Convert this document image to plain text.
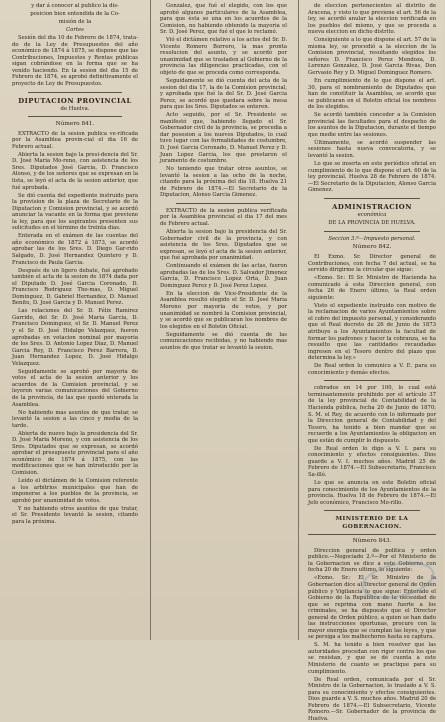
y dar á conocer al publico la dis-

posicion bien entendida de la Co-

misión de la

Cortes

Sesión del dia 10 de Febrero de 1874, trata-do de la Ley de Presupuestos del año económico de 1874 á 1875, se dispone que las Contribuciones, Impuestos y Rentas públicas sigan cobrándose en la forma que se ha venido haciendo. En la sesion del dia 15 de Febrero de 1874, se aprobó definitivamente el proyecto de Ley de Presupuestos.

DIPUTACION PROVINCIAL

de Huelva.

Número 841.

EXTRACTO de la sesion publica ve-rificada por la Asamblea provin-cial el dia 16 de Febrero actual.

Abierta la sesion bajo la presi-dencia del Sr. D. José Maria Mo-reno, con asistencia de los Sres. Diputados José Garcia, D. Francisco Alonso, y de los señores que se expresan en la lista, se leyó el acta de la sesion anterior, que fué aprobada.

Se dió cuenta del expediente instruido para la provision de la plaza de Secretario de la Diputacion y Comision provincial, y se acordó anunciar la vacante en la forma que previene la ley, para que los aspirantes presenten sus solicitudes en el término de treinta dias.

Enterada en el exámen de las cuentas del año económico de 1872 á 1873, se acordó aprobar las de los Sres. D. Diego Gar-rido Salgado, D. José Hernandez Quintero y D. Francisco de Paula Garcia.

Después de un ligero debate, fué aprobado también el acta de la sesion de 1874 dada por el Diputado D. José Garcia Coronado, D. Francisco Rodriguez Tho-mas, D. Miguel Dominguez, D. Gabriel Hernandez, D. Manuel Benito, D. José Garcia y D. Manuel Perez.

Las relaciones del Sr. D. Félix Ramirez Garrido, del Sr. D. José Maria Garcia, D. Francisco Dominguez, el Sr. D. Manuel Perez y el Sr. D. José Hidalgo Velazquez, fueron aprobadas en votacion nominal por mayoria de los Sres. D. Antonio Lopez Diaz, D. Manuel Garcia Rey, D. Francisco Perez Barrera, D. Juan Hernandez Lopez, D. José Hidalgo Velazquez.

Seguidamente se aprobó por mayoria de votos el acta de la sesion anterior y los acuerdos de la Comision provincial, y se leyeron varias comunicaciones del Gobierno de la provincia, de las que quedó enterada la Asamblea.

No habiendo mas asuntos de que tratar, se levantó la sesion a las cinco y media de la tarde.

Abierta de nuevo bajo la presidencia del Sr. D. José Maria Moreno, y con asistencia de los Sres. Diputados que se expresan, se acordó aprobar el presupuesto provincial para el año económico de 1874 á 1875, con las modificaciones que se han introducido por la Comision.

Leido el dictámen de la Comision referente a los arbitrios municipales que han de imponerse a los pueblos de la provincia, se aprobó por unanimidad de votos.

Y no habiendo otros asuntos de que tratar, el Sr. Presidente levantó la sesion, citando para la próxima.

Gonzalez, que fué el elegido, con los que aprobó algunos particulares de la Asamblea, para que ésta se una en los acuerdos de la Comision, no habiendo obtenido la mayoria el Sr. D. José Perez, que fué el que lo reclamó.

Vió el dictámen relativo a los actos del Sr. D. Vicente Romero Borrero, la mas pronta resolucion del asunto, y se acordó por unanimidad que se trasladen al Gobierno de la provincia las diligencias practicadas, con el objeto de que se proceda como corresponda.

Seguidamente se dió cuenta del acta de la sesion del dia 17, la de la Comision provincial, y aprobada que fué la del Sr. D. José Garcia Perez, se acordó que quedara sobre la mesa para que los Sres. Diputados se enteren.

Acto seguido, por el Sr. Presidente se manifestó que, habiendo llegado el Sr. Gobernador civil de la provincia, se procedia a dar posesion a los nuevos Diputados, lo cual tuvo lugar con las formalidades de costumbre, D. José Garcia Coronado, D. Manuel Perez y D. Juan Lopez Garcia, los que prestaron el juramento de costumbre.

No teniendo que tratar otros asuntos, se levantó la sesion a las ocho de la noche, citando para la próxima del dia 18. Huelva 21 de Febrero de 1874.—El Secretario de la Diputacion, Alonso Garcia Gimenez.

EXTRACTO de la sesion publica verificada por la Asamblea provincial el dia 17 del mes de Febrero actual.

Abierta la sesion bajo la presidencia del Sr. Gobernador civil de la provincia, y con asistencia de los Sres. Diputados que se expresan, se leyó el acta de la sesion anterior, que fué aprobada por unanimidad.

Continuando el exámen de las actas, fueron aprobadas las de los Sres. D. Salvador Jimenez Garcia, D. Francisco Lopez Orta, D. Juan Dominguez Perez y D. José Perez Lopez.

En la eleccion de Vice-Presidente de la Asamblea resultó elegido el Sr. D. José Maria Moreno por mayoria de votos, y por unanimidad se nombró la Comision provincial, y se acordó que se publicaran los nombres de los elegidos en el Boletin Oficial.

Seguidamente se dió cuenta de las comunicaciones recibidas, y no habiendo mas asuntos de que tratar se levantó la sesion.

de eleccion pertenecientes al distrito de Aracena, y visto lo que previene el art. 56 de la ley, se acordó anular la eleccion verificada en los pueblos del mismo, y que se proceda a nueva eleccion en dicho distrito.

Consiguiente a lo que dispone el art. 57 de la misma ley, se procedió a la eleccion de la Comision provincial, resultando elegidos los señores D. Francisco Perez Mendoza, D. Lorenzo Gonzalez, D. José Garcia Rivas, Don Gervasio Rey y D. Miguel Dominguez Romero.

En cumplimiento de lo que dispone el art. 30, para el nombramiento de Diputados que han de constituir la Asamblea, se acordó que se publicaran en el Boletin oficial los nombres de los elegidos.

Se acordó también conceder a la Comision provincial las facultades para el despacho de los asuntos de la Diputacion, durante el tiempo que medie entre las sesiones.

Últimamente, se acordó suspender las sesiones hasta nueva convocatoria, y se levantó la sesion.

Lo que se inserta en este periódico oficial en cumplimiento de lo que dispone el art. 60 de la ley provincial. Huelva 28 de Febrero de 1874.—El Secretario de la Diputacion, Alonso Garcia Gimenez.

ADMINISTRACION

económica

DE LA PROVINCIA DE HUELVA.

Seccion 3.ª—Impuesto personal.

Número 842.

El Exmo. Sr. Director general de Contribuciones, con fecha 7 del actual, se ha servido dirigirme la circular que sigue:

«Exmo. Sr.: El Sr. Ministro de Hacienda ha comunicado á esta Direccion general, con fecha 26 de Enero último, la Real orden siguiente:

Visto el expediente instruido con motivo de la reclamacion de varios Ayuntamientos sobre el cobro del impuesto personal, y considerando que el Real decreto de 26 de Junio de 1873 atribuye a los Ayuntamientos la facultad de formar los padrones y hacer la cobranza, se ha resuelto que las cantidades recaudadas ingresen en el Tesoro dentro del plazo que determina la ley.»

De Real orden lo comunico a V. E. para su conocimiento y demás efectos.

cobrados en 14 por 100, lo cual está terminantemente prohibido por el artículo 37 de la ley provincial de Contabilidad de la Hacienda pública, fecha 20 de Junio de 1870; S. M. el Rey, de acuerdo con lo informado por la Direccion general de Contabilidad y del Tesoro, ha tenido a bien mandar que se recuerde a los Ayuntamientos la obligacion en que están de cumplir lo dispuesto.

De Real orden lo digo a V. I. para su conocimiento y efectos consiguientes. Dios guarde a V. I. muchos años. Madrid 25 de Febrero de 1874.—El Subsecretario, Francisco Sa-illó.

Lo que se anuncia en este Boletin oficial para conocimiento de los Ayuntamientos de la provincia. Huelva 18 de Febrero de 1874.—El Jefe económico, Francisco Mo-rillo.

MINISTERIO DE LA GOBERNACION.

Número 843.

Direccion general de politica y orden publico.—Negociado 2.º—Por el Ministerio de la Gobernacion se dice a este Gobierno con fecha 20 de Enero ultimo, lo siguiente:

«Exmo. Sr.: El Sr. Ministro de la Gobernacion dice al Director general de Orden público y Vigilancia lo que sigue: Enterado el Gobierno de la República de la necesidad de que se reprima con mano fuerte a los criminales, se ha dispuesto que el Director general de Orden público, a quien se han dado las instrucciones oportunas, procure con la mayor energía que se cumplan las leyes, y que se persiga a los malhechores hasta su captura.

S. M. ha tenido a bien resolver que las autoridades procedan con rigor contra los que se resistan, y que se dé cuenta a este Ministerio de cuanto se practique para su cumplimiento.

De Real orden, comunicada por el Sr. Ministro de la Gobernacion, lo traslado a V. S. para su conocimiento y efectos consiguientes. Dios guarde a V. S. muchos años. Madrid 20 de Febrero de 1874.—El Subsecretario, Vicente Romero.—Sr. Gobernador de la provincia de Huelva.
